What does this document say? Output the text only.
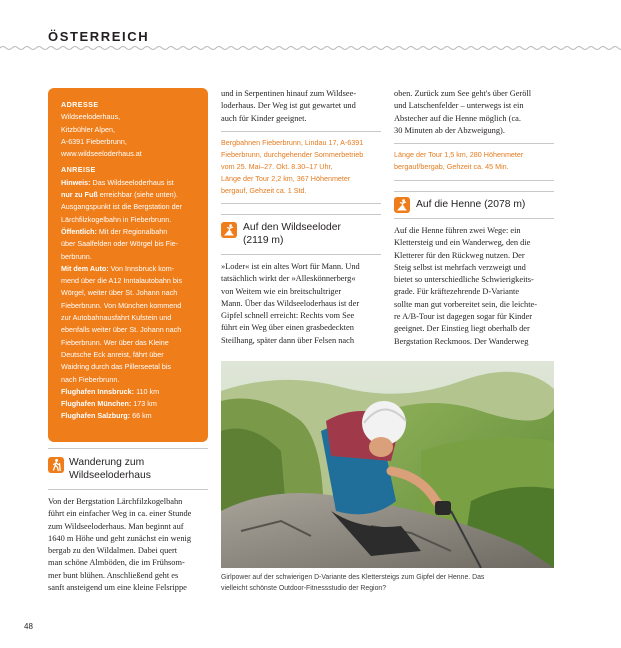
ÖSTERREICH
ADRESSE
Wildseeloderhaus,
Kitzbühler Alpen,
A-6391 Fieberbrunn,
www.wildseeloderhaus.at
ANREISE
Hinweis: Das Wildseeloderhaus ist
nur zu Fuß erreichbar (siehe unten).
Ausgangspunkt ist die Bergstation der
Lärchfilzkogelbahn in Fieberbrunn.
Öffentlich: Mit der Regionalbahn
über Saalfelden oder Wörgel bis Fie-
berbrunn.
Mit dem Auto: Von Innsbruck kom-
mend über die A12 Inntalautobahn bis
Wörgel, weiter über St. Johann nach
Fieberbrunn. Von München kommend
zur Autobahnausfahrt Kufstein und
ebenfalls weiter über St. Johann nach
Fieberbrunn. Wer über das Kleine
Deutsche Eck anreist, fährt über
Waidring durch das Pillerseetal bis
nach Fieberbrunn.
Flughafen Innsbruck: 110 km
Flughafen München: 173 km
Flughafen Salzburg: 66 km
Wanderung zum
Wildseeloderhaus
Von der Bergstation Lärchfilzkogelbahn
führt ein einfacher Weg in ca. einer Stunde
zum Wildseeloderhaus. Man beginnt auf
1640 m Höhe und geht zunächst ein wenig
bergab zu den Wildalmen. Dabei quert
man schöne Almböden, die im Frühsom-
mer bunt blühen. Anschließend geht es
sanft ansteigend um eine kleine Felsrippe
und in Serpentinen hinauf zum Wildsee-
loderhaus. Der Weg ist gut gewartet und
auch für Kinder geeignet.
Bergbahnen Fieberbrunn, Lindau 17, A-6391
Fieberbrunn, durchgehender Sommerbetrieb
vom 25. Mai–27. Okt. 8.30–17 Uhr,
Länge der Tour 2,2 km, 367 Höhenmeter
bergauf, Gehzeit ca. 1 Std.
Auf den Wildseeloder
(2119 m)
»Loder« ist ein altes Wort für Mann. Und
tatsächlich wirkt der »Alleskönnerberg«
von Weitem wie ein breitschultriger
Mann. Über das Wildseeloderhaus ist der
Gipfel schnell erreicht: Rechts vom See
führt ein Weg über einen grasbedeckten
Steilhang, später dann über Felsen nach
oben. Zurück zum See geht's über Geröll
und Latschenfelder – unterwegs ist ein
Abstecher auf die Henne möglich (ca.
30 Minuten ab der Abzweigung).
Länge der Tour 1,5 km, 280 Höhenmeter
bergauf/bergab, Gehzeit ca. 45 Min.
Auf die Henne (2078 m)
Auf die Henne führen zwei Wege: ein
Klettersteig und ein Wanderweg, den die
Kletterer für den Rückweg nutzen. Der
Steig selbst ist mehrfach verzweigt und
bietet so unterschiedliche Schwierigkeits-
grade. Für kräftezehrende D-Variante
sollte man gut vorbereitet sein, die leichte-
re A/B-Tour ist dagegen sogar für Kinder
geeignet. Der Einstieg liegt oberhalb der
Bergstation Reckmoos. Der Wanderweg
Girlpower auf der schwierigen D-Variante des Klettersteigs zum Gipfel der Henne. Das
vielleicht schönste Outdoor-Fitnessstudio der Region?
48
